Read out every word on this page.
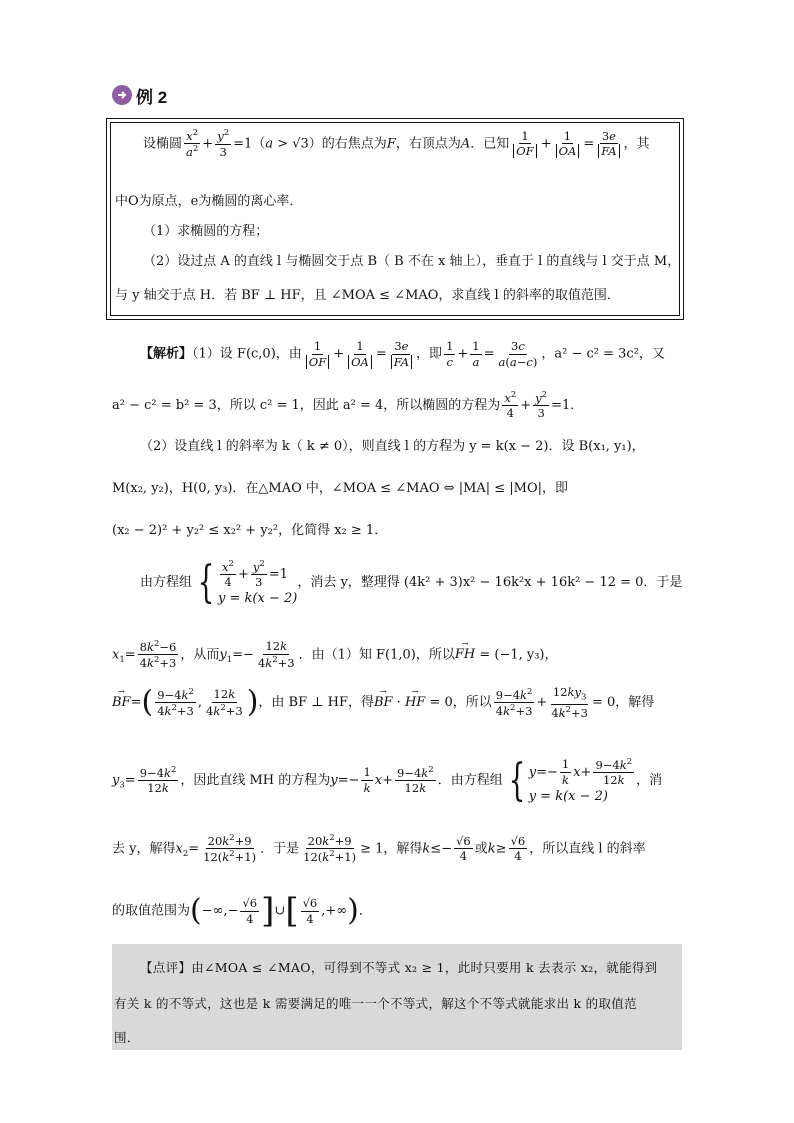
例 2
设椭圆 $\frac{x^2}{a^2} + \frac{y^2}{3} =1(a > √3)$的右焦点为F，右顶点为A．已知 $\frac{1}{OF} + \frac{1}{OA} = \frac{3e}{FA}$ ，其
中O为原点，e为椭圆的离心率．
（1）求椭圆的方程；
（2）设过点 A 的直线 l 与椭圆交于点 B（ B 不在 x 轴上），垂直于 l 的直线与 l 交于点 M，
与 y 轴交于点 H．若 BF ⊥ HF，且 ∠MOA ≤ ∠MAO，求直线 l 的斜率的取值范围．
【解析】（1）设 F(c,0)，由 $\frac{1}{OF} + \frac{1}{OA} = \frac{3e}{FA}$ ，即 $\frac{1}{c} + \frac{1}{a} = \frac{3c}{a(a-c)}$ ，a² − c² = 3c²，又
a² − c² = b² = 3，所以 c² = 1，因此 a² = 4，所以椭圆的方程为 $\frac{x^2}{4} + \frac{y^2}{3} =1$．
（2）设直线 l 的斜率为 k（ k ≠ 0），则直线 l 的方程为 y = k(x − 2)．设 B(x₁, y₁)，
M(x₂, y₂)，H(0, y₃)．在△MAO 中，∠MOA ≤ ∠MAO ⇔ |MA| ≤ |MO|，即
(x₂ − 2)² + y₂² ≤ x₂² + y₂²，化简得 x₂ ≥ 1．
由方程组 { $\frac{x^2}{4} + \frac{y^2}{3} =1$
y = k(x − 2)
，消去 y，整理得 (4k² + 3)x² − 16k²x + 16k² − 12 = 0．于是
$x_1= \frac{8k^2-6}{4k^2+3}$ ，从而$y_1=- \frac{12k}{4k^2+3}$ ．由（1）知 F(1,0)，所以→ FH = (−1, y₃)，
→ $BF=( \frac{9-4k^2}{4k^2+3}$ , $\frac{12k}{4k^2+3}$ )，由 BF ⊥ HF，得→ BF · → HF = 0，所以 $\frac{9-4k^2}{4k^2+3} + \frac{12ky_3}{4k^2+3} = 0$，解得
$y_3= \frac{9-4k^2}{12k}$ ，因此直线 MH 的方程为$y=- \frac{1}{k} x+ \frac{9-4k^2}{12k}$ ．由方程组 { $y=- \frac{1}{k} x+ \frac{9-4k^2}{12k}$
y = k(x − 2)
，消
去 y，解得$x_2= \frac{20k^2+9}{12(k^2+1)}$ ．于是 $\frac{20k^2+9}{12(k^2+1)} \ge 1$，解得$k\le- \frac{√6}{4}$ 或$k\ge \frac{√6}{4}$ ，所以直线 l 的斜率
的取值范围为(−∞,− $\frac{√6}{4}$ ]∪[ $\frac{√6}{4}$ ,+∞)．
【点评】由∠MOA ≤ ∠MAO，可得到不等式 x₂ ≥ 1，此时只要用 k 去表示 x₂，就能得到
有关 k 的不等式，这也是 k 需要满足的唯一一个不等式，解这个不等式就能求出 k 的取值范
围．
